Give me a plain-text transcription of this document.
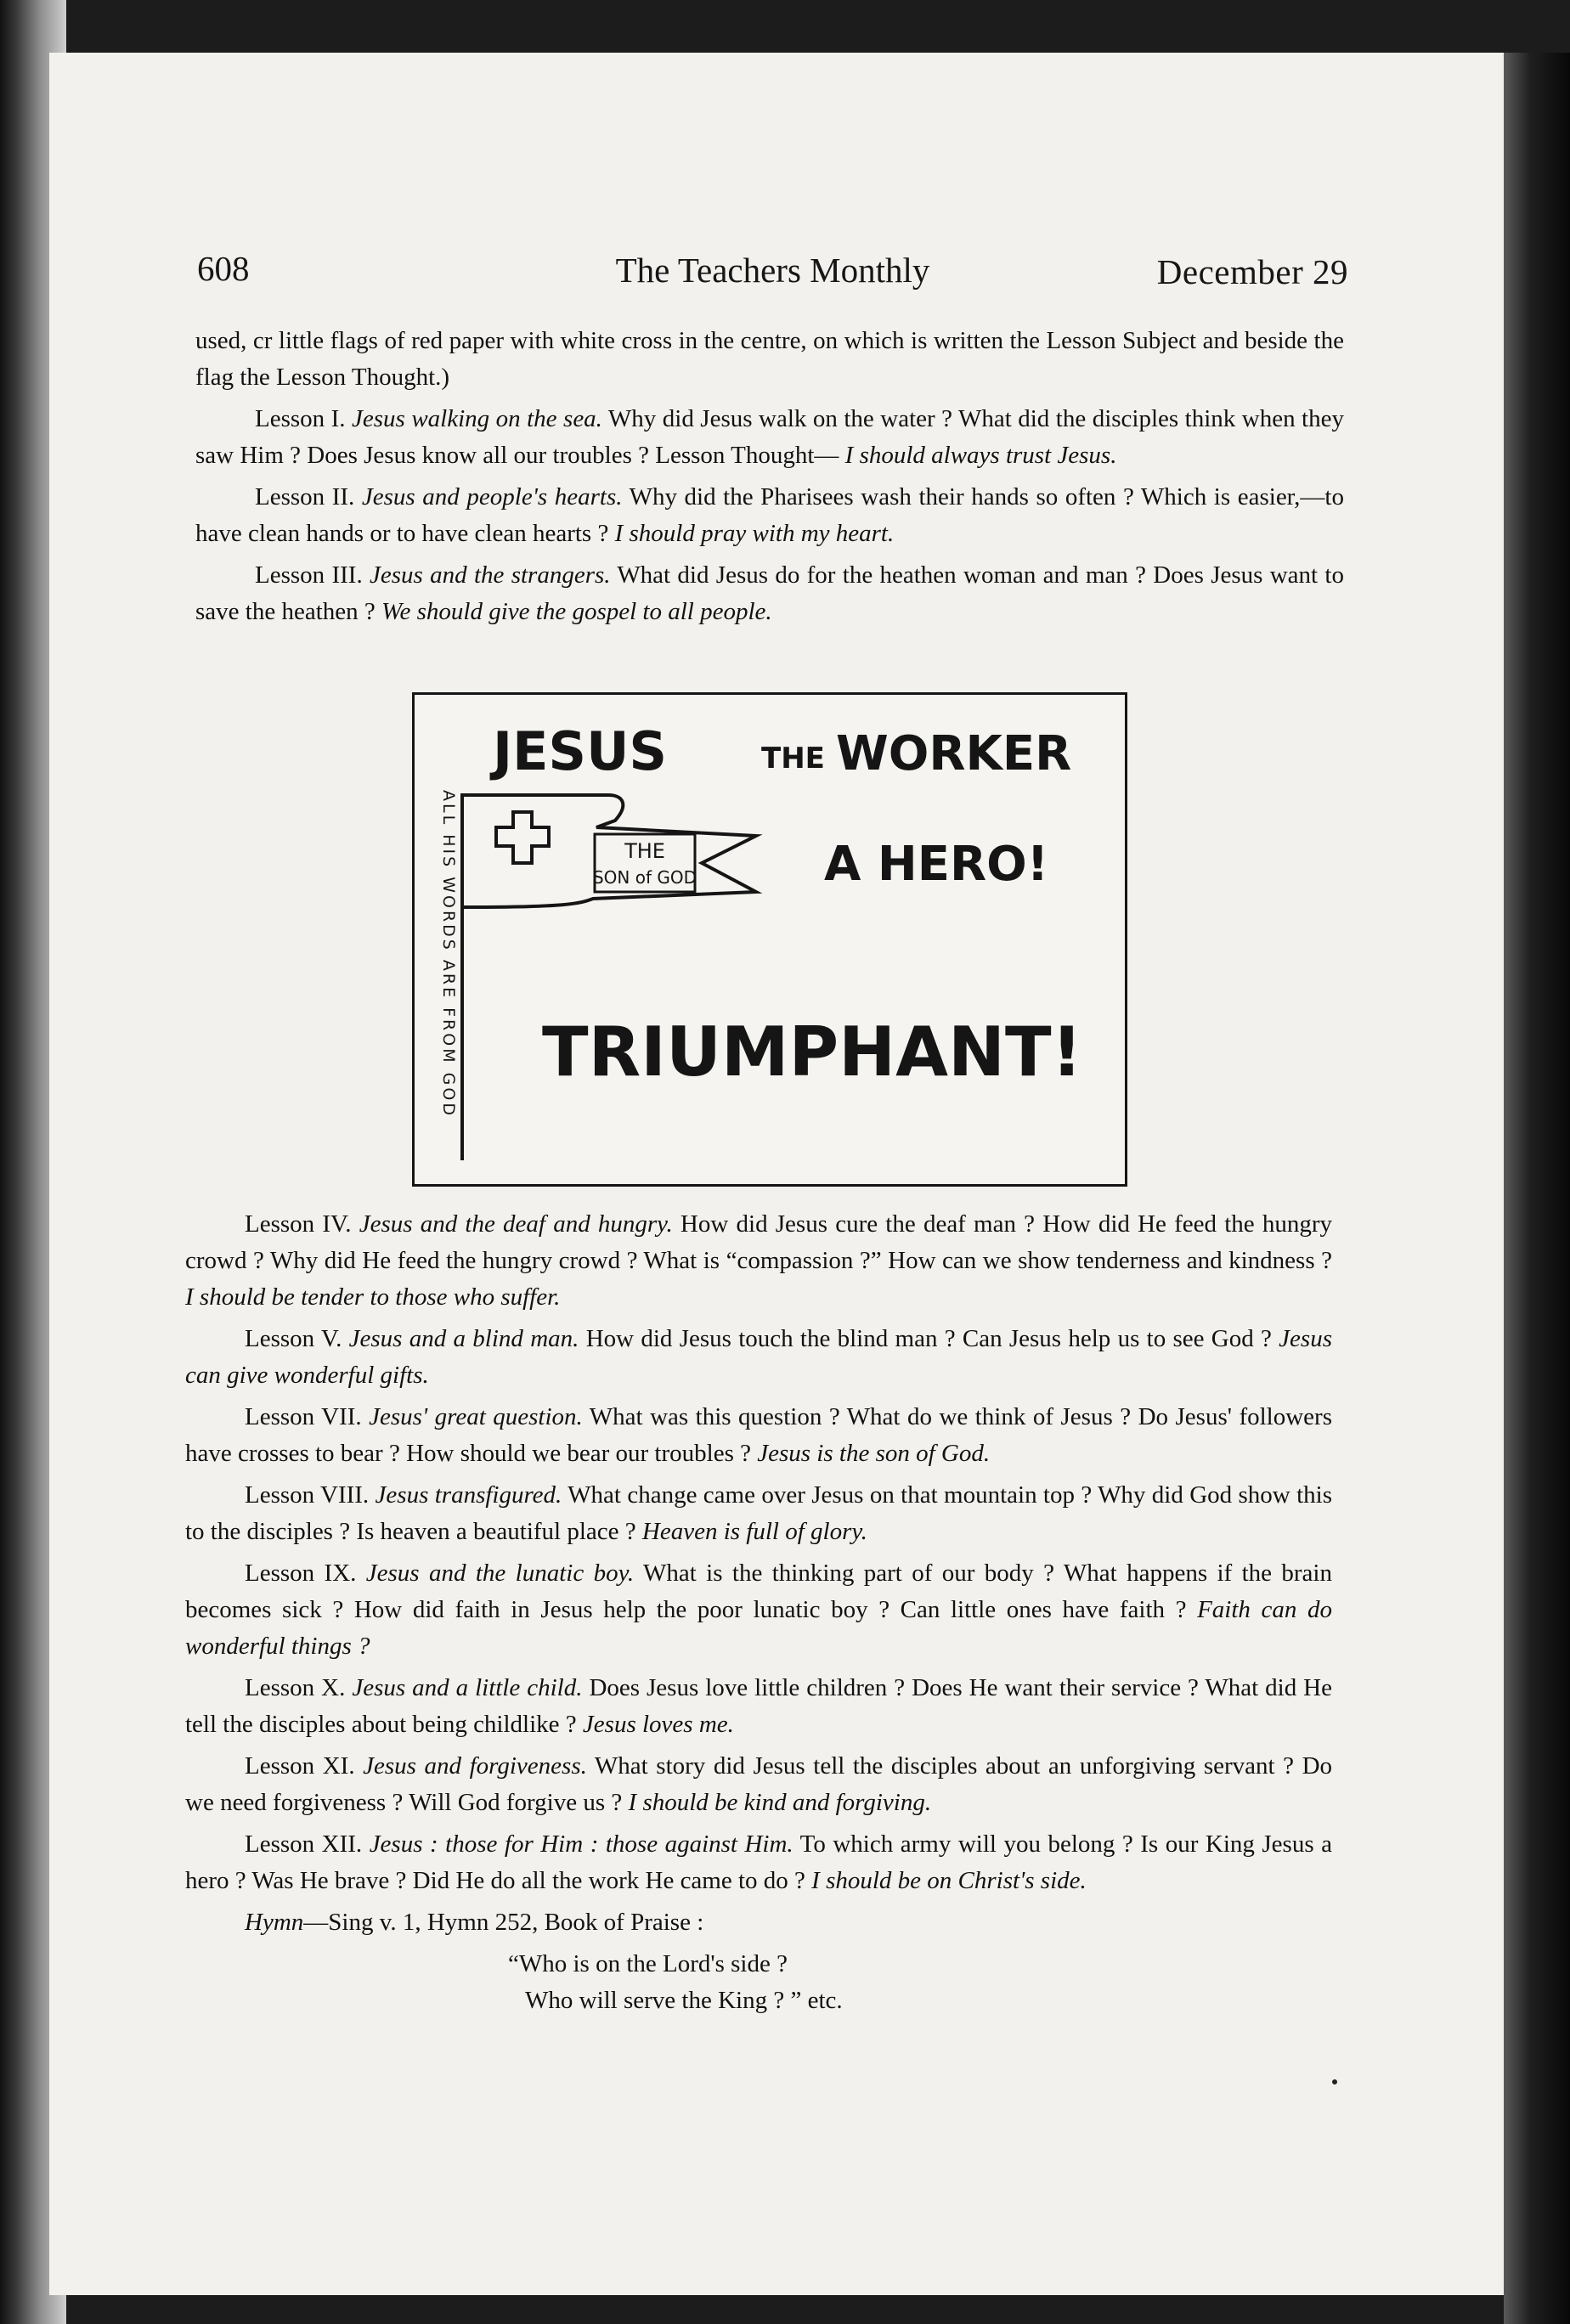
608	The Teachers Monthly	December 29

used, cr little flags of red paper with white cross in the centre, on which is written the Lesson Subject and beside the flag the Lesson Thought.)

Lesson I. Jesus walking on the sea. Why did Jesus walk on the water ? What did the disciples think when they saw Him ? Does Jesus know all our troubles ? Lesson Thought— I should always trust Jesus.

Lesson II. Jesus and people's hearts. Why did the Pharisees wash their hands so often ? Which is easier,—to have clean hands or to have clean hearts ? I should pray with my heart.

Lesson III. Jesus and the strangers. What did Jesus do for the heathen woman and man ? Does Jesus want to save the heathen ? We should give the gospel to all people.

JESUS	THE WORKER
ALL HIS WORDS ARE FROM GOD	THE
SON of GOD	A HERO!
TRIUMPHANT!

Lesson IV. Jesus and the deaf and hungry. How did Jesus cure the deaf man ? How did He feed the hungry crowd ? Why did He feed the hungry crowd ? What is “compassion ?” How can we show tenderness and kindness ? I should be tender to those who suffer.

Lesson V. Jesus and a blind man. How did Jesus touch the blind man ? Can Jesus help us to see God ? Jesus can give wonderful gifts.

Lesson VII. Jesus' great question. What was this question ? What do we think of Jesus ? Do Jesus' followers have crosses to bear ? How should we bear our troubles ? Jesus is the son of God.

Lesson VIII. Jesus transfigured. What change came over Jesus on that mountain top ? Why did God show this to the disciples ? Is heaven a beautiful place ? Heaven is full of glory.

Lesson IX. Jesus and the lunatic boy. What is the thinking part of our body ? What happens if the brain becomes sick ? How did faith in Jesus help the poor lunatic boy ? Can little ones have faith ? Faith can do wonderful things ?

Lesson X. Jesus and a little child. Does Jesus love little children ? Does He want their service ? What did He tell the disciples about being childlike ? Jesus loves me.

Lesson XI. Jesus and forgiveness. What story did Jesus tell the disciples about an unforgiving servant ? Do we need forgiveness ? Will God forgive us ? I should be kind and forgiving.

Lesson XII. Jesus : those for Him : those against Him. To which army will you belong ? Is our King Jesus a hero ? Was He brave ? Did He do all the work He came to do ? I should be on Christ's side.

Hymn—Sing v. 1, Hymn 252, Book of Praise :

“Who is on the Lord's side ?
Who will serve the King ? ” etc.
